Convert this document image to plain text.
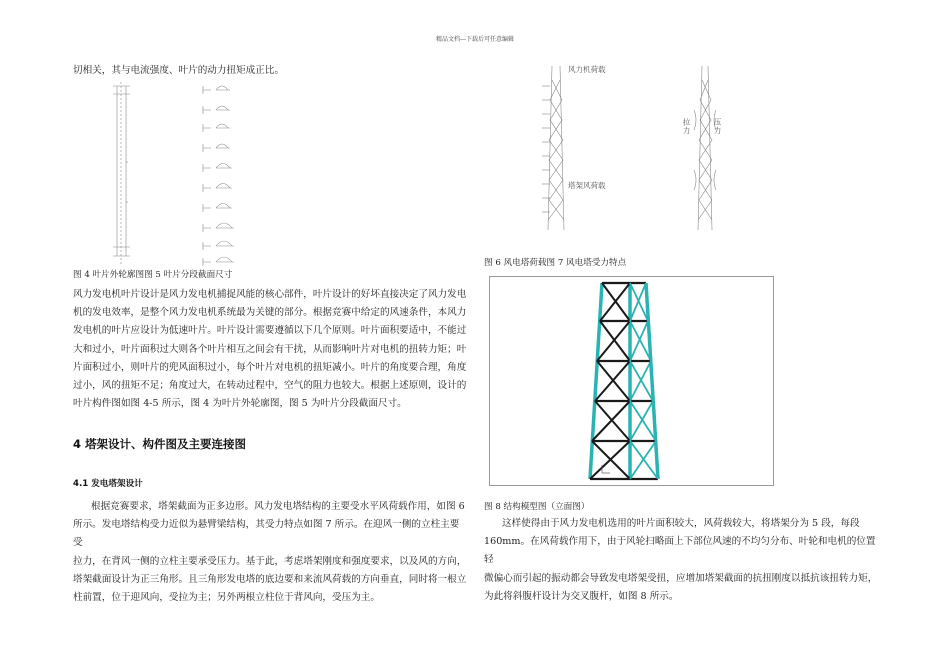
精品文档---下载后可任意编辑
切相关，其与电流强度、叶片的动力扭矩成正比。
图 4 叶片外轮廓图图 5 叶片分段截面尺寸
风力发电机叶片设计是风力发电机捕捉风能的核心部件，叶片设计的好坏直接决定了风力发电
机的发电效率，是整个风力发电机系统最为关键的部分。根据竞赛中给定的风速条件，本风力
发电机的叶片应设计为低速叶片。叶片设计需要遵循以下几个原则。叶片面积要适中，不能过
大和过小，叶片面积过大则各个叶片相互之间会有干扰，从而影响叶片对电机的扭转力矩；叶
片面积过小，则叶片的兜风面积过小，每个叶片对电机的扭矩减小。叶片的角度要合理，角度
过小，风的扭矩不足；角度过大，在转动过程中，空气的阻力也较大。根据上述原则，设计的
叶片构件图如图 4-5 所示，图 4 为叶片外轮廓图，图 5 为叶片分段截面尺寸。
4 塔架设计、构件图及主要连接图
4.1 发电塔架设计
根据竞赛要求，塔架截面为正多边形。风力发电塔结构的主要受水平风荷载作用，如图 6
所示。发电塔结构受力近似为悬臂梁结构，其受力特点如图 7 所示。在迎风一侧的立柱主要受
拉力，在背风一侧的立柱主要承受压力。基于此，考虑塔架刚度和强度要求，以及风的方向，
塔架截面设计为正三角形。且三角形发电塔的底边要和来流风荷载的方向垂直，同时将一根立
柱前置，位于迎风向，受拉为主；另外两根立柱位于背风向，受压为主。
风力机荷载
塔架风荷载
拉力	压力
图 6 风电塔荷载图 7 风电塔受力特点
图 8 结构模型图（立面图）
这样使得由于风力发电机选用的叶片面积较大，风荷载较大，将塔架分为 5 段，每段
160mm。在风荷载作用下，由于风轮扫略面上下部位风速的不均匀分布、叶轮和电机的位置轻
微偏心而引起的振动都会导致发电塔架受扭，应增加塔架截面的抗扭刚度以抵抗该扭转力矩，
为此将斜腹杆设计为交叉腹杆，如图 8 所示。
